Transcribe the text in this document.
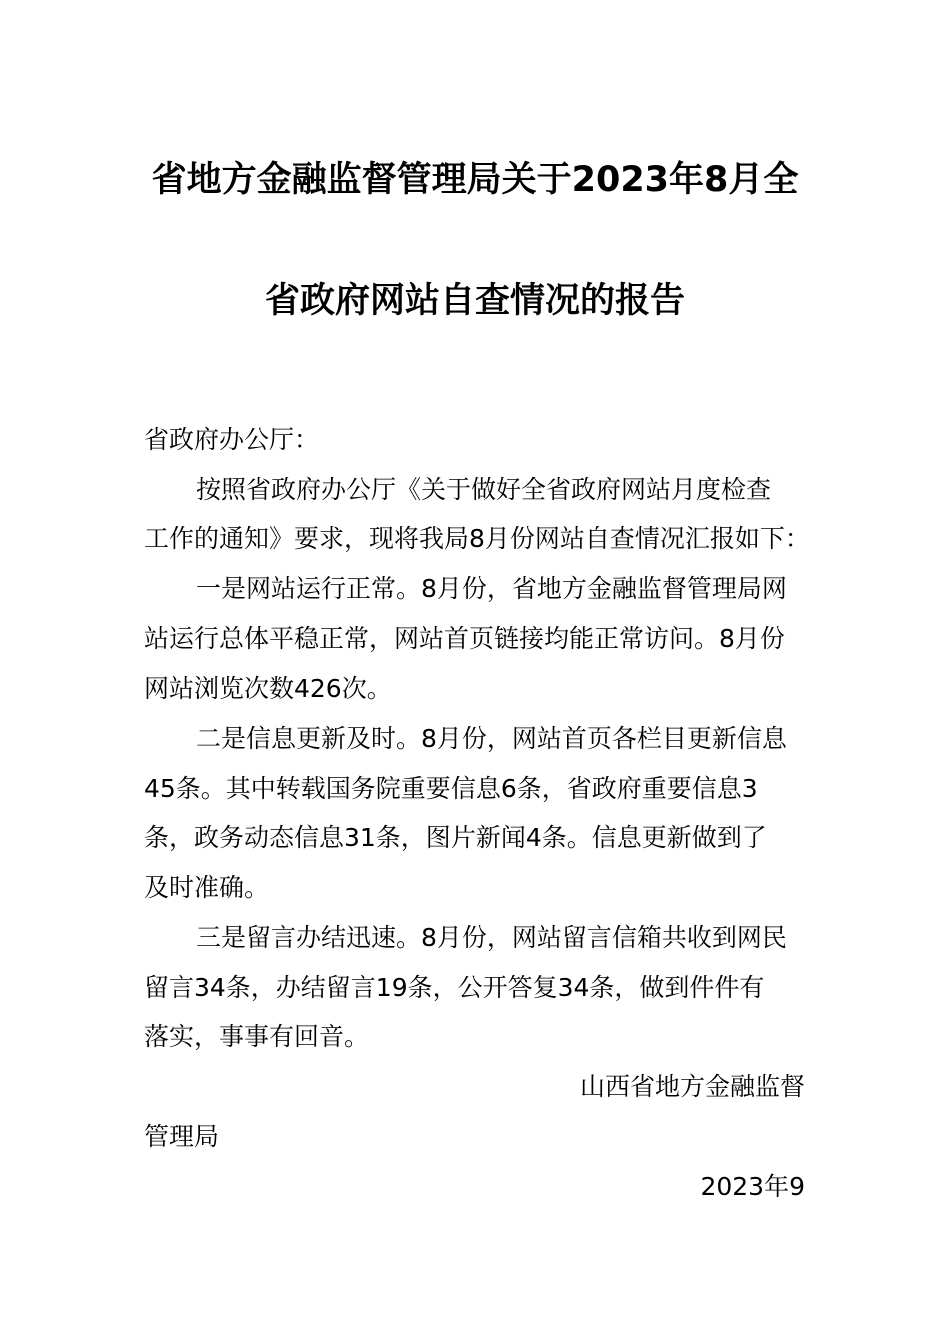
省地方金融监督管理局关于2023年8月全
省政府网站自查情况的报告
省政府办公厅：
按照省政府办公厅《关于做好全省政府网站月度检查
工作的通知》要求，现将我局8月份网站自查情况汇报如下：
一是网站运行正常。8月份，省地方金融监督管理局网
站运行总体平稳正常，网站首页链接均能正常访问。8月份
网站浏览次数426次。
二是信息更新及时。8月份，网站首页各栏目更新信息
45条。其中转载国务院重要信息6条，省政府重要信息3
条，政务动态信息31条，图片新闻4条。信息更新做到了
及时准确。
三是留言办结迅速。8月份，网站留言信箱共收到网民
留言34条，办结留言19条，公开答复34条，做到件件有
落实，事事有回音。
山西省地方金融监督
管理局
2023年9
